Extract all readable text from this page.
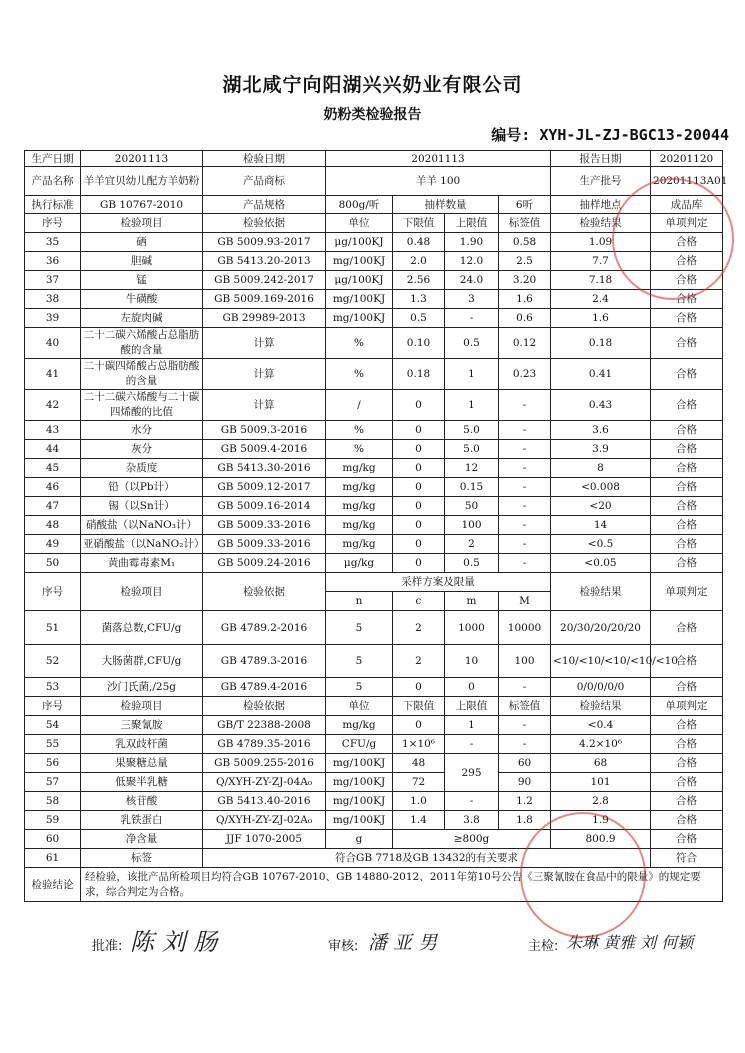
湖北咸宁向阳湖兴兴奶业有限公司
奶粉类检验报告
编号: XYH-JL-ZJ-BGC13-20044
生产日期	20201113	检验日期	20201113				报告日期	20201120
产品名称	羊羊宜贝幼儿配方羊奶粉	产品商标	羊羊 100				生产批号	20201113A01
执行标准	GB 10767-2010	产品规格	800g/听	抽样数量		6听	抽样地点	成品库
序号	检验项目	检验依据	单位	下限值	上限值	标签值	检验结果	单项判定
35	硒	GB 5009.93-2017	μg/100KJ	0.48	1.90	0.58	1.09	合格
36	胆碱	GB 5413.20-2013	mg/100KJ	2.0	12.0	2.5	7.7	合格
37	锰	GB 5009.242-2017	μg/100KJ	2.56	24.0	3.20	7.18	合格
38	牛磺酸	GB 5009.169-2016	mg/100KJ	1.3	3	1.6	2.4	合格
39	左旋肉碱	GB 29989-2013	mg/100KJ	0.5	-	0.6	1.6	合格
40	二十二碳六烯酸占总脂肪酸的含量	计算	%	0.10	0.5	0.12	0.18	合格
41	二十碳四烯酸占总脂肪酸的含量	计算	%	0.18	1	0.23	0.41	合格
42	二十二碳六烯酸与二十碳四烯酸的比值	计算	/	0	1	-	0.43	合格
43	水分	GB 5009.3-2016	%	0	5.0	-	3.6	合格
44	灰分	GB 5009.4-2016	%	0	5.0	-	3.9	合格
45	杂质度	GB 5413.30-2016	mg/kg	0	12	-	8	合格
46	铅（以Pb计）	GB 5009.12-2017	mg/kg	0	0.15	-	<0.008	合格
47	锡（以Sn计）	GB 5009.16-2014	mg/kg	0	50	-	<20	合格
48	硝酸盐（以NaNO₃计）	GB 5009.33-2016	mg/kg	0	100	-	14	合格
49	亚硝酸盐（以NaNO₂计）	GB 5009.33-2016	mg/kg	0	2	-	<0.5	合格
50	黄曲霉毒素M₁	GB 5009.24-2016	μg/kg	0	0.5	-	<0.05	合格
序号	检验项目	检验依据	采样方案及限量				检验结果	单项判定
			n	c	m	M		
51	菌落总数,CFU/g	GB 4789.2-2016	5	2	1000	10000	20/30/20/20/20	合格
52	大肠菌群,CFU/g	GB 4789.3-2016	5	2	10	100	<10/<10/<10/<10/<10	合格
53	沙门氏菌,/25g	GB 4789.4-2016	5	0	0	-	0/0/0/0/0	合格
序号	检验项目	检验依据	单位	下限值	上限值	标签值	检验结果	单项判定
54	三聚氰胺	GB/T 22388-2008	mg/kg	0	1	-	<0.4	合格
55	乳双歧杆菌	GB 4789.35-2016	CFU/g	1×10⁶	-	-	4.2×10⁶	合格
56	果聚糖总量	GB 5009.255-2016	mg/100KJ	48	295	60	68	合格
57	低聚半乳糖	Q/XYH-ZY-ZJ-04A₀	mg/100KJ	72		90	101	合格
58	核苷酸	GB 5413.40-2016	mg/100KJ	1.0	-	1.2	2.8	合格
59	乳铁蛋白	Q/XYH-ZY-ZJ-02A₀	mg/100KJ	1.4	3.8	1.8	1.9	合格
60	净含量	JJF 1070-2005	g	≥800g			800.9	合格
61	标签	符合GB 7718及GB 13432的有关要求						符合
检验结论	经检验，该批产品所检项目均符合GB 10767-2010、GB 14880-2012、2011年第10号公告《三聚氰胺在食品中的限量》的规定要求，综合判定为合格。							
批准: 陈 刘 肠	审核: 潘 亚 男	主检: 朱琳 黄雅 刘 何颖
